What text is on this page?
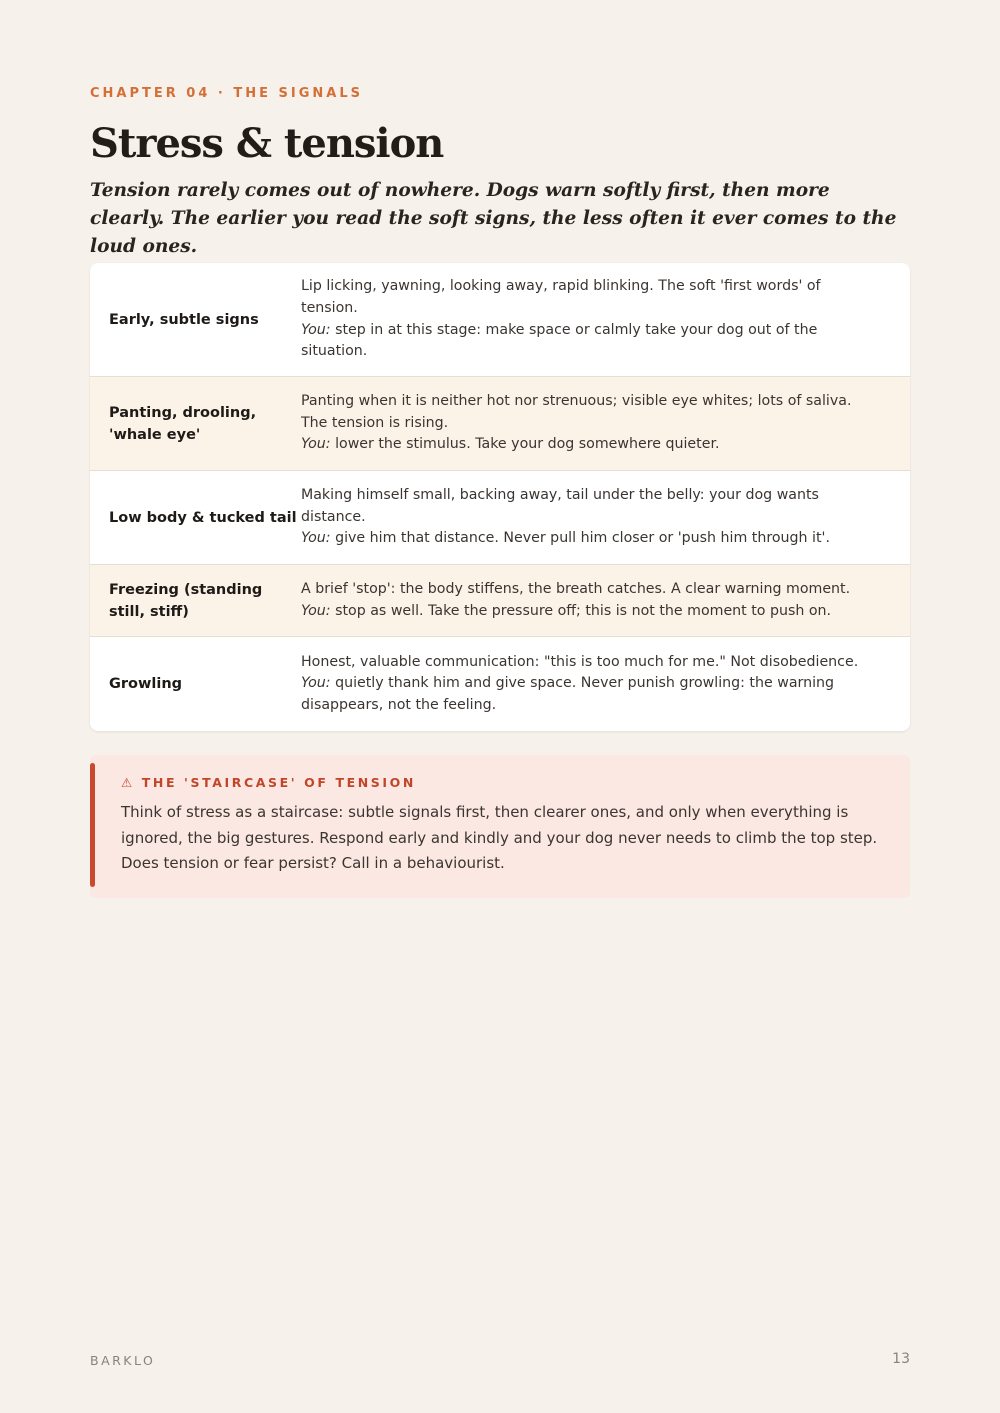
CHAPTER 04 · THE SIGNALS
Stress & tension

Tension rarely comes out of nowhere. Dogs warn softly first, then more clearly. The earlier you read the soft signs, the less often it ever comes to the loud ones.

Early, subtle signs

Lip licking, yawning, looking away, rapid blinking. The soft 'first words' of tension.

You: step in at this stage: make space or calmly take your dog out of the situation.

Panting, drooling, 'whale eye'

Panting when it is neither hot nor strenuous; visible eye whites; lots of saliva. The tension is rising.

You: lower the stimulus. Take your dog somewhere quieter.

Low body & tucked tail

Making himself small, backing away, tail under the belly: your dog wants distance.

You: give him that distance. Never pull him closer or 'push him through it'.

Freezing (standing still, stiff)

A brief 'stop': the body stiffens, the breath catches. A clear warning moment.

You: stop as well. Take the pressure off; this is not the moment to push on.

Growling

Honest, valuable communication: "this is too much for me." Not disobedience.

You: quietly thank him and give space. Never punish growling: the warning disappears, not the feeling.

⚠ THE 'STAIRCASE' OF TENSION

Think of stress as a staircase: subtle signals first, then clearer ones, and only when everything is ignored, the big gestures. Respond early and kindly and your dog never needs to climb the top step. Does tension or fear persist? Call in a behaviourist.

BARKLO	13
